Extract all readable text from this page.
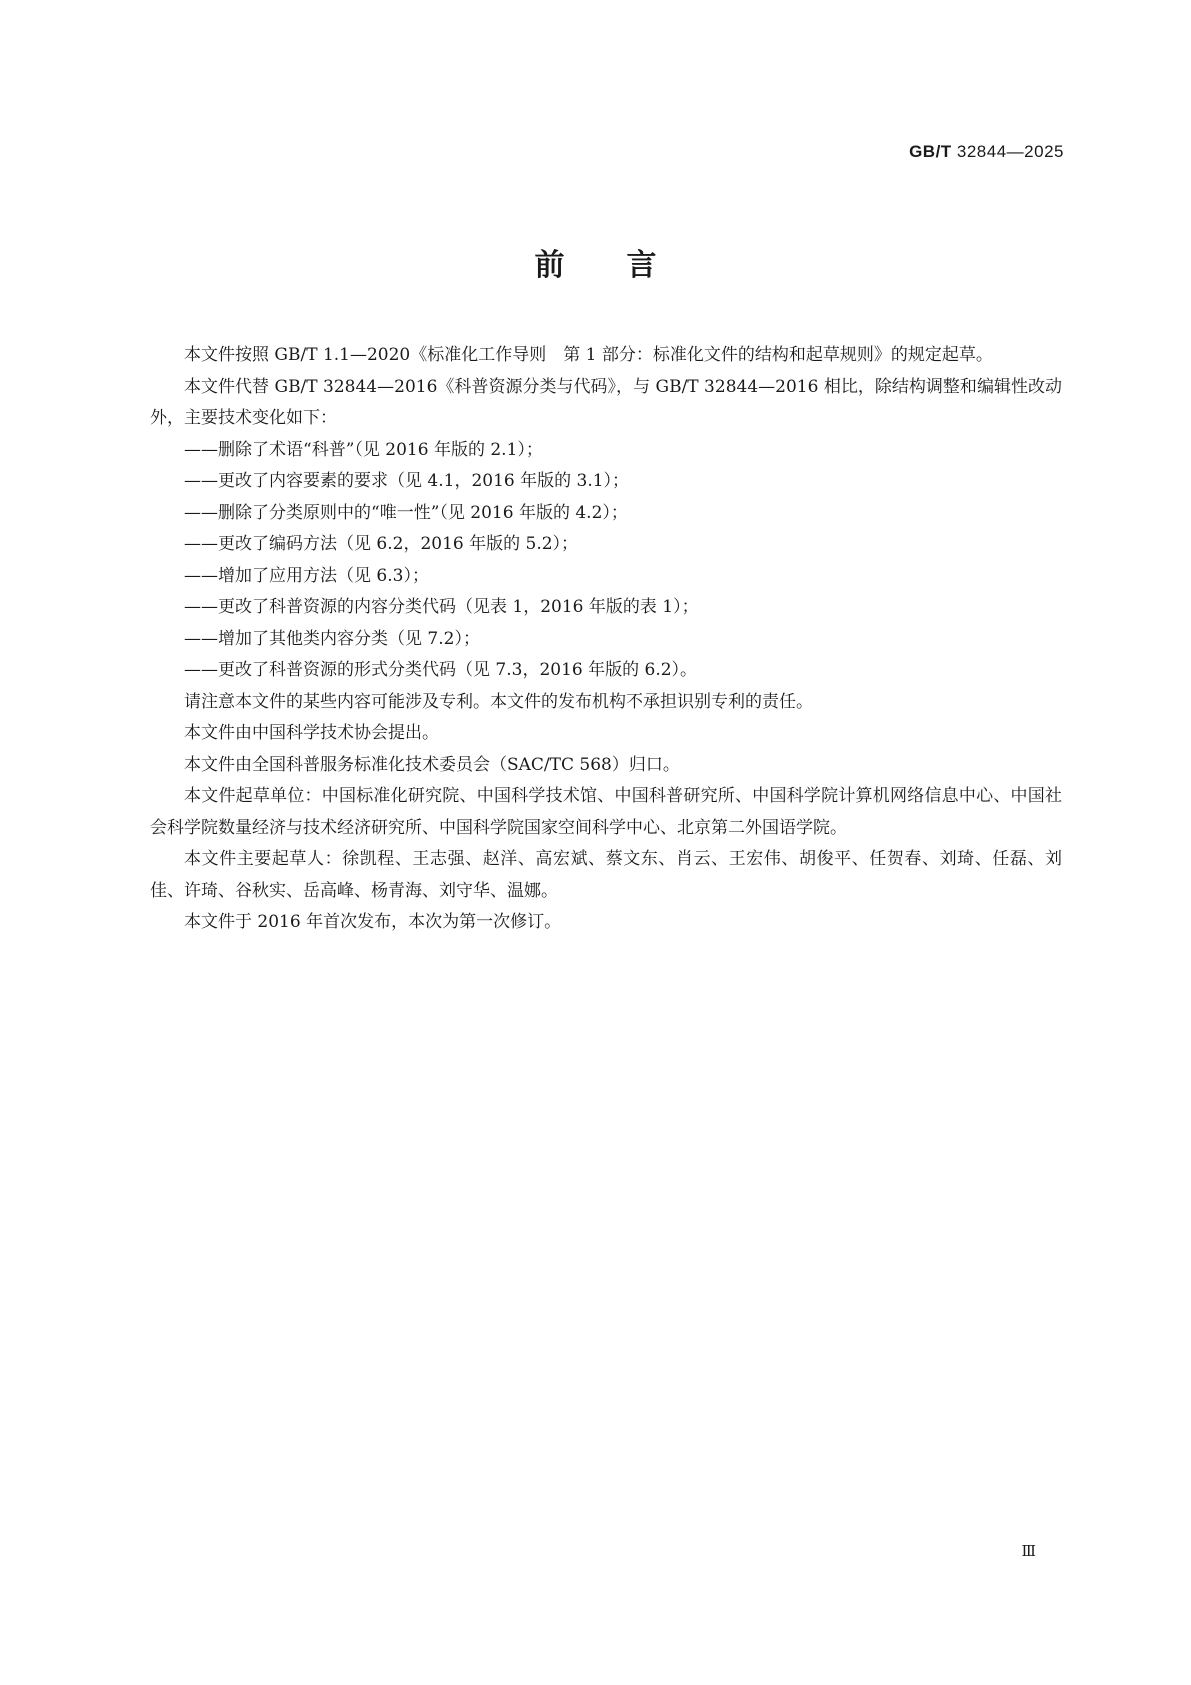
GB/T 32844—2025
前言

本文件按照 GB/T 1.1—2020《标准化工作导则　第 1 部分：标准化文件的结构和起草规则》的规定起草。

本文件代替 GB/T 32844—2016《科普资源分类与代码》，与 GB/T 32844—2016 相比，除结构调整和编辑性改动外，主要技术变化如下：

——删除了术语“科普”（见 2016 年版的 2.1）；

——更改了内容要素的要求（见 4.1，2016 年版的 3.1）；

——删除了分类原则中的“唯一性”（见 2016 年版的 4.2）；

——更改了编码方法（见 6.2，2016 年版的 5.2）；

——增加了应用方法（见 6.3）；

——更改了科普资源的内容分类代码（见表 1，2016 年版的表 1）；

——增加了其他类内容分类（见 7.2）；

——更改了科普资源的形式分类代码（见 7.3，2016 年版的 6.2）。

请注意本文件的某些内容可能涉及专利。本文件的发布机构不承担识别专利的责任。

本文件由中国科学技术协会提出。

本文件由全国科普服务标准化技术委员会（SAC/TC 568）归口。

本文件起草单位：中国标准化研究院、中国科学技术馆、中国科普研究所、中国科学院计算机网络信息中心、中国社会科学院数量经济与技术经济研究所、中国科学院国家空间科学中心、北京第二外国语学院。

本文件主要起草人：徐凯程、王志强、赵洋、高宏斌、蔡文东、肖云、王宏伟、胡俊平、任贺春、刘琦、任磊、刘佳、许琦、谷秋实、岳高峰、杨青海、刘守华、温娜。

本文件于 2016 年首次发布，本次为第一次修订。

Ⅲ
